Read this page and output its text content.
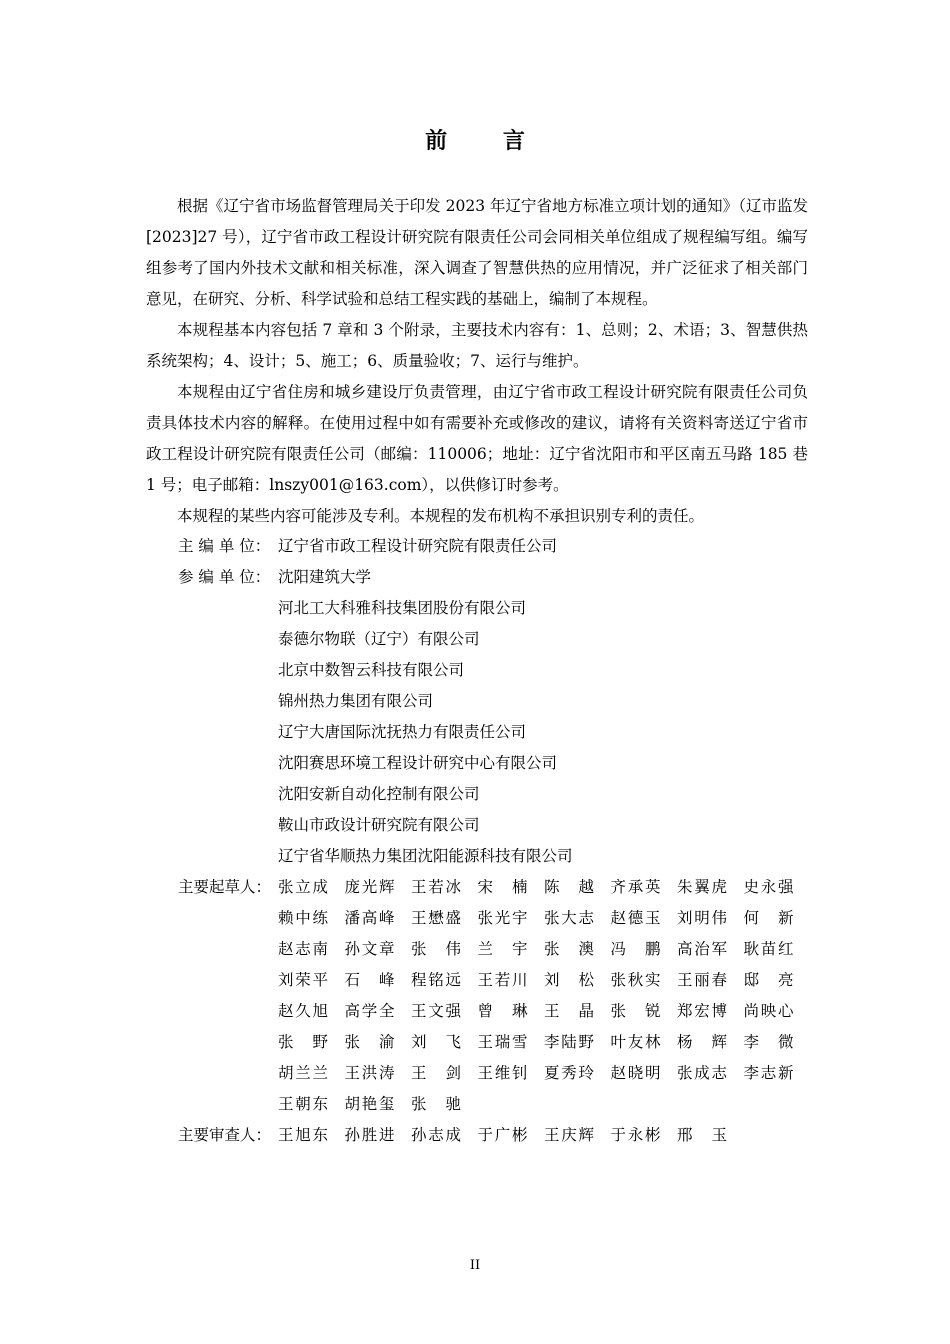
前 言

根据《辽宁省市场监督管理局关于印发 2023 年辽宁省地方标准立项计划的通知》（辽市监发[2023]27 号），辽宁省市政工程设计研究院有限责任公司会同相关单位组成了规程编写组。编写组参考了国内外技术文献和相关标准，深入调查了智慧供热的应用情况，并广泛征求了相关部门意见，在研究、分析、科学试验和总结工程实践的基础上，编制了本规程。

本规程基本内容包括 7 章和 3 个附录，主要技术内容有：1、总则；2、术语；3、智慧供热系统架构；4、设计；5、施工；6、质量验收；7、运行与维护。

本规程由辽宁省住房和城乡建设厅负责管理，由辽宁省市政工程设计研究院有限责任公司负责具体技术内容的解释。在使用过程中如有需要补充或修改的建议，请将有关资料寄送辽宁省市政工程设计研究院有限责任公司（邮编：110006；地址：辽宁省沈阳市和平区南五马路 185 巷 1 号；电子邮箱：lnszy001@163.com），以供修订时参考。

本规程的某些内容可能涉及专利。本规程的发布机构不承担识别专利的责任。

主 编 单 位： 辽宁省市政工程设计研究院有限责任公司
参 编 单 位： 沈阳建筑大学
河北工大科雅科技集团股份有限公司
泰德尔物联（辽宁）有限公司
北京中数智云科技有限公司
锦州热力集团有限公司
辽宁大唐国际沈抚热力有限责任公司
沈阳赛思环境工程设计研究中心有限公司
沈阳安新自动化控制有限公司
鞍山市政设计研究院有限公司
辽宁省华顺热力集团沈阳能源科技有限公司
主要起草人： 张立成 庞光辉 王若冰 宋楠 陈越 齐承英 朱翼虎 史永强
赖中练 潘高峰 王懋盛 张光宇 张大志 赵德玉 刘明伟 何新
赵志南 孙文章 张伟 兰宇 张澳 冯鹏 高治军 耿苗红
刘荣平 石峰 程铭远 王若川 刘松 张秋实 王丽春 邸亮
赵久旭 高学全 王文强 曾琳 王晶 张锐 郑宏博 尚映心
张野 张渝 刘飞 王瑞雪 李陆野 叶友林 杨辉 李微
胡兰兰 王洪涛 王剑 王维钊 夏秀玲 赵晓明 张成志 李志新
王朝东 胡艳玺 张驰
主要审查人： 王旭东 孙胜进 孙志成 于广彬 王庆辉 于永彬 邢玉
II
